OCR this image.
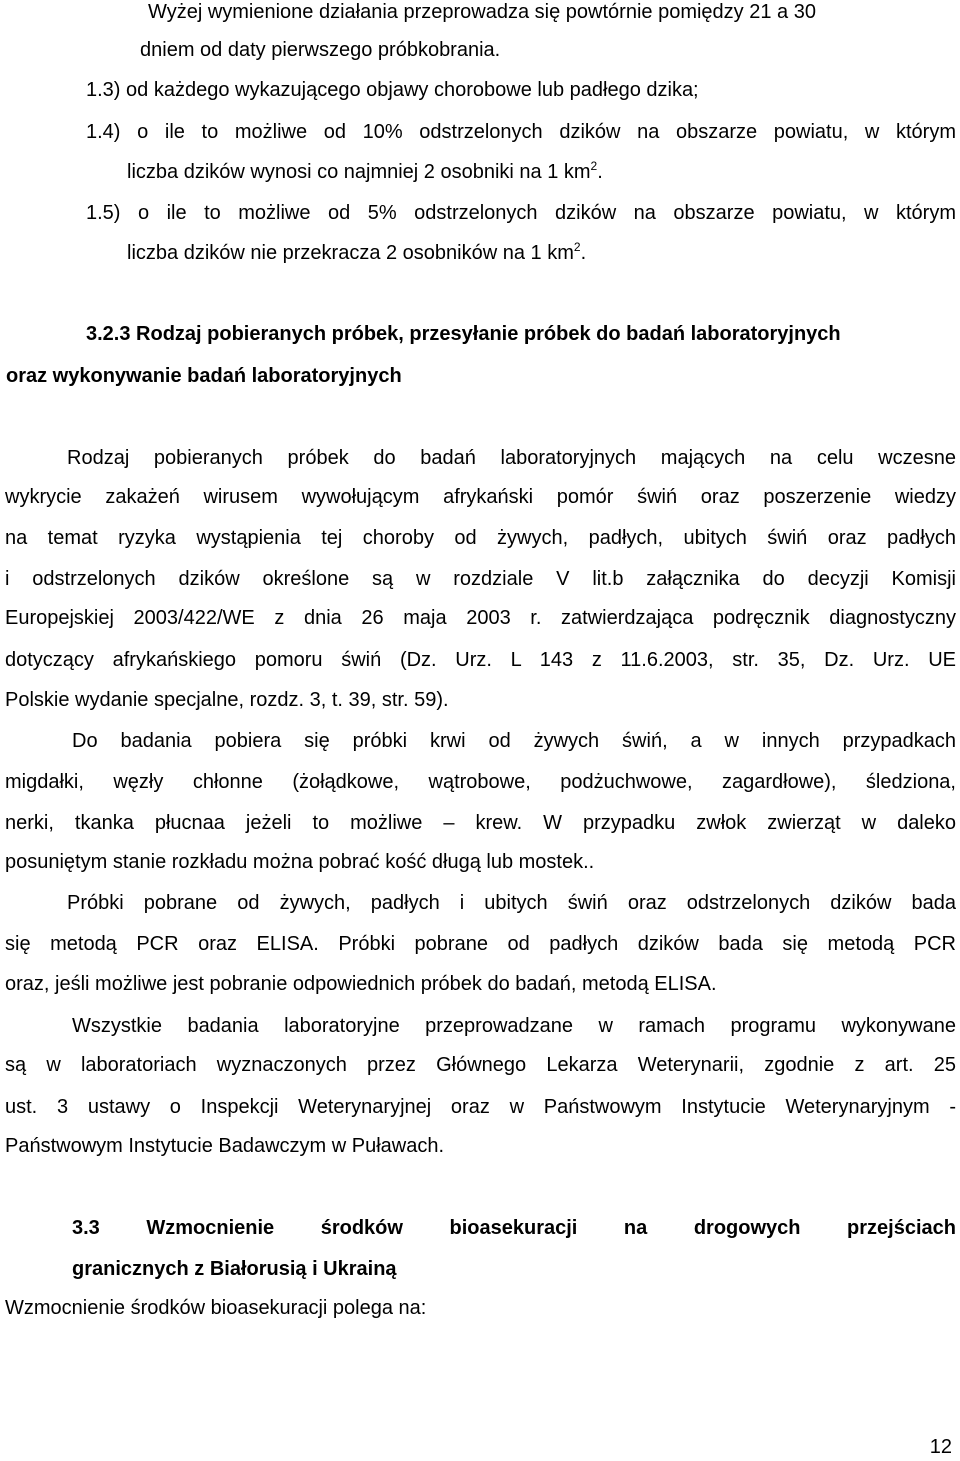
Wyżej wymienione działania przeprowadza się powtórnie pomiędzy 21 a 30
dniem od daty pierwszego próbkobrania.
1.3) od każdego wykazującego objawy chorobowe lub padłego dzika;
1.4) o ile to możliwe od 10% odstrzelonych dzików na obszarze powiatu, w którym
liczba dzików wynosi co najmniej 2 osobniki na 1 $km^2$.
1.5) o ile to możliwe od 5% odstrzelonych dzików na obszarze powiatu, w którym
liczba dzików nie przekracza 2 osobników na 1 $km^2$.
3.2.3 Rodzaj pobieranych próbek, przesyłanie próbek do badań laboratoryjnych
oraz wykonywanie badań laboratoryjnych
Rodzaj pobieranych próbek do badań laboratoryjnych mających na celu wczesne
wykrycie zakażeń wirusem wywołującym afrykański pomór świń oraz poszerzenie wiedzy
na temat ryzyka wystąpienia tej choroby od żywych, padłych, ubitych świń oraz padłych
i odstrzelonych dzików określone są w rozdziale V lit.b załącznika do decyzji Komisji
Europejskiej 2003/422/WE z dnia 26 maja 2003 r. zatwierdzająca podręcznik diagnostyczny
dotyczący afrykańskiego pomoru świń (Dz. Urz. L 143 z 11.6.2003, str. 35, Dz. Urz. UE
Polskie wydanie specjalne, rozdz. 3, t. 39, str. 59).
Do badania pobiera się próbki krwi od żywych świń, a w innych przypadkach
migdałki, węzły chłonne (żołądkowe, wątrobowe, podżuchwowe, zagardłowe), śledziona,
nerki, tkanka płucnaa jeżeli to możliwe – krew. W przypadku zwłok zwierząt w daleko
posuniętym stanie rozkładu można pobrać kość długą lub mostek..
Próbki pobrane od żywych, padłych i ubitych świń oraz odstrzelonych dzików bada
się metodą PCR oraz ELISA. Próbki pobrane od padłych dzików bada się metodą PCR
oraz, jeśli możliwe jest pobranie odpowiednich próbek do badań, metodą ELISA.
Wszystkie badania laboratoryjne przeprowadzane w ramach programu wykonywane
są w laboratoriach wyznaczonych przez Głównego Lekarza Weterynarii, zgodnie z art. 25
ust. 3 ustawy o Inspekcji Weterynaryjnej oraz w Państwowym Instytucie Weterynaryjnym -
Państwowym Instytucie Badawczym w Puławach.
3.3 Wzmocnienie środków bioasekuracji na drogowych przejściach
granicznych z Białorusią i Ukrainą
Wzmocnienie środków bioasekuracji polega na:
12
